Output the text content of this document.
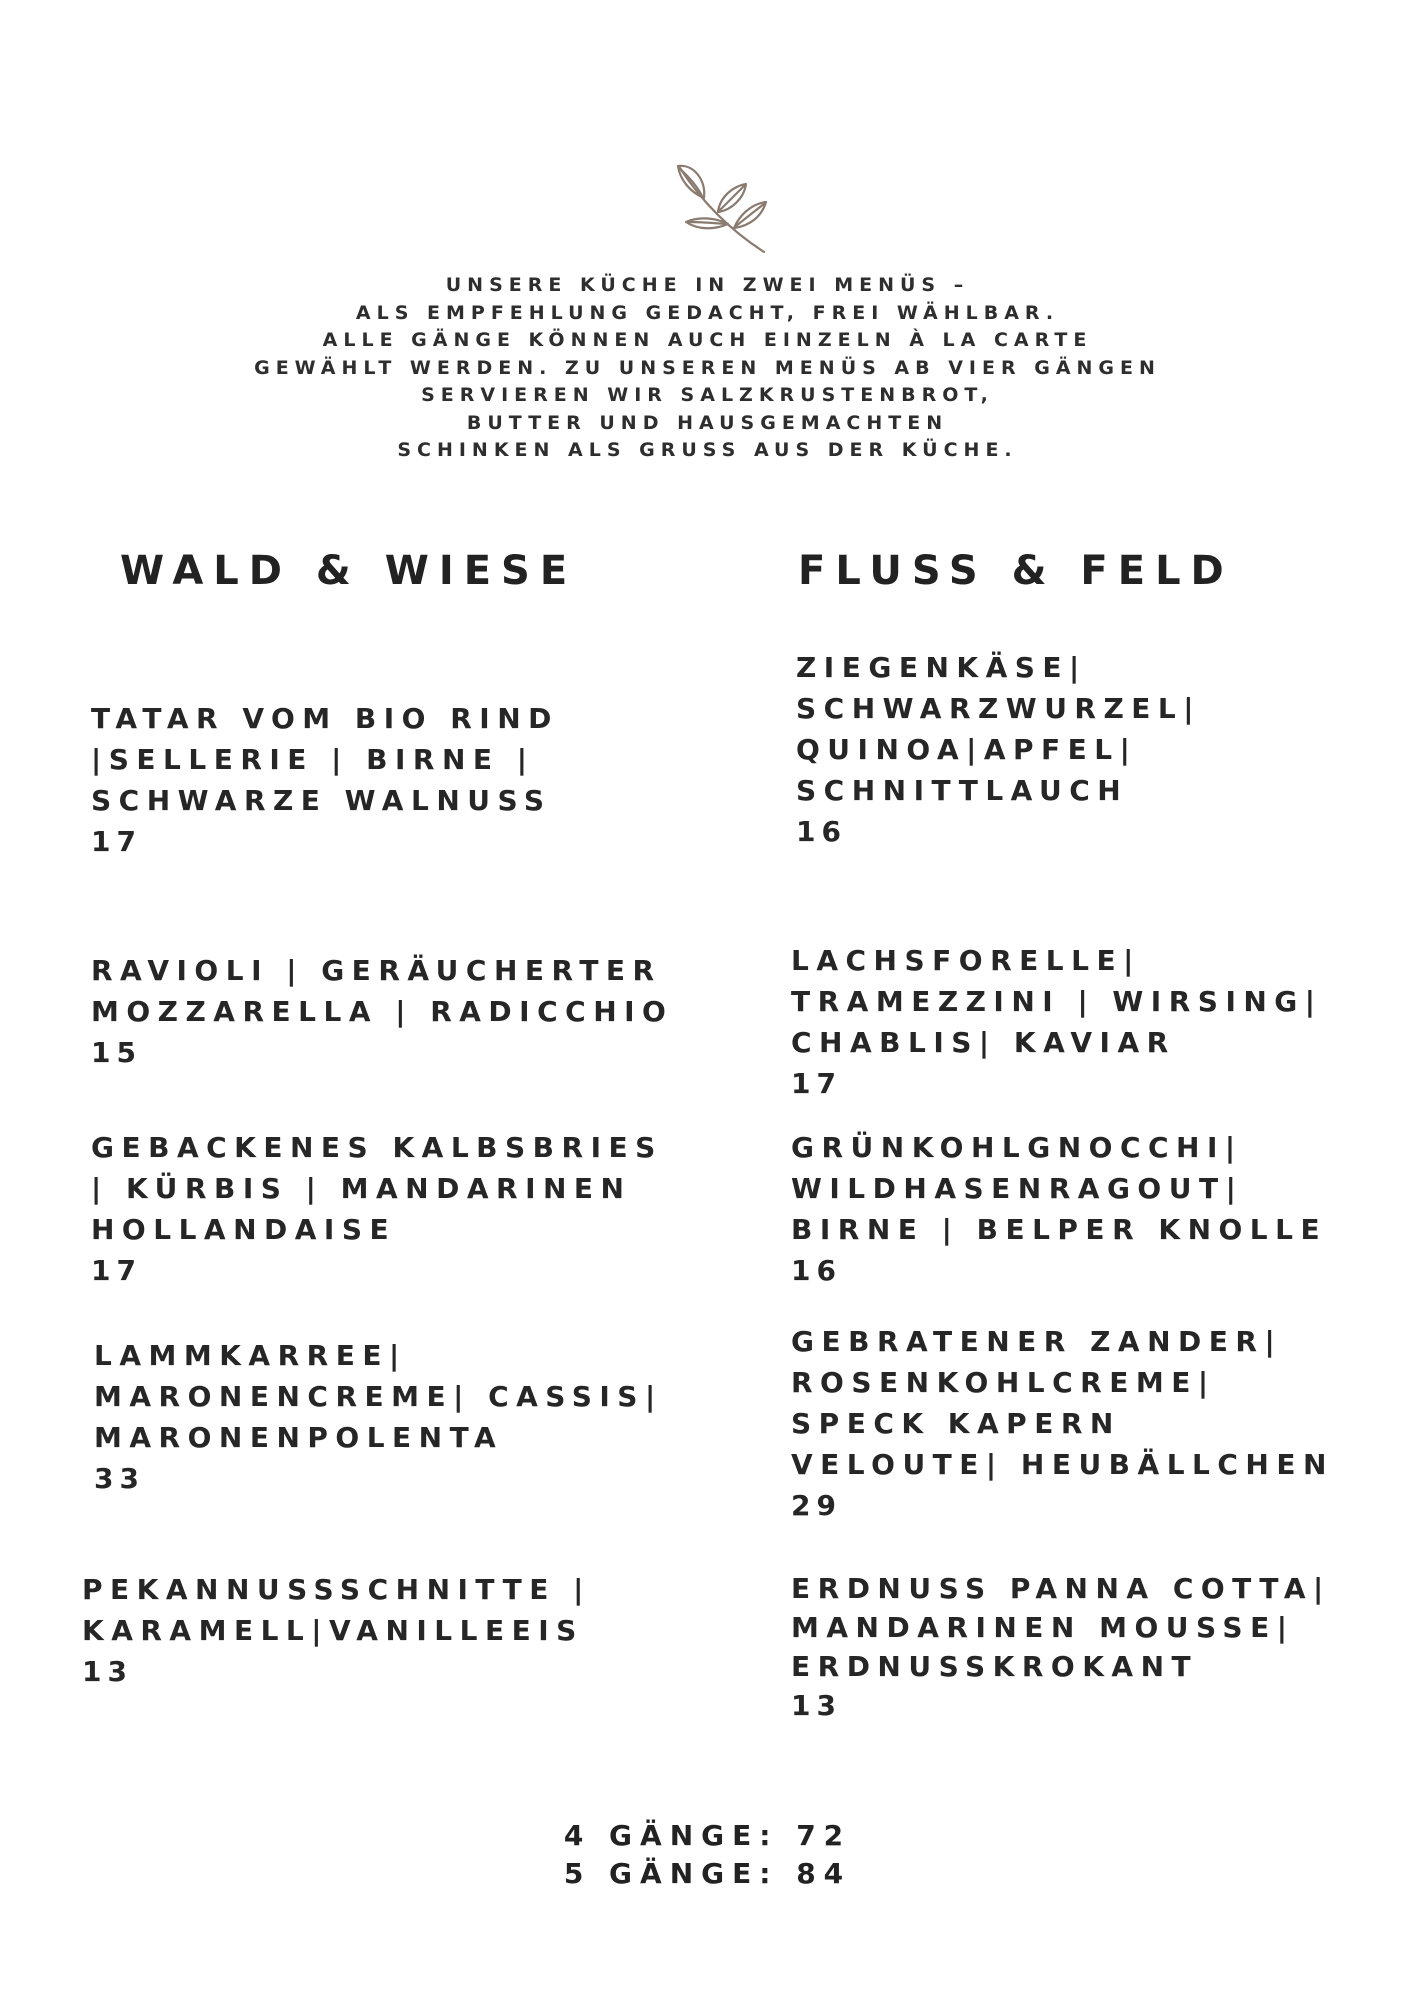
UNSERE KÜCHE IN ZWEI MENÜS –
ALS EMPFEHLUNG GEDACHT, FREI WÄHLBAR.
ALLE GÄNGE KÖNNEN AUCH EINZELN À LA CARTE
GEWÄHLT WERDEN. ZU UNSEREN MENÜS AB VIER GÄNGEN
SERVIEREN WIR SALZKRUSTENBROT,
BUTTER UND HAUSGEMACHTEN
SCHINKEN ALS GRUSS AUS DER KÜCHE.
WALD & WIESE	FLUSS & FELD
TATAR VOM BIO RIND
|SELLERIE | BIRNE |
SCHWARZE WALNUSS
17
RAVIOLI | GERÄUCHERTER
MOZZARELLA | RADICCHIO
15
GEBACKENES KALBSBRIES
| KÜRBIS | MANDARINEN
HOLLANDAISE
17
LAMMKARREE|
MARONENCREME| CASSIS|
MARONENPOLENTA
33
PEKANNUSSSCHNITTE |
KARAMELL|VANILLEEIS
13
ZIEGENKÄSE|
SCHWARZWURZEL|
QUINOA|APFEL|
SCHNITTLAUCH
16
LACHSFORELLE|
TRAMEZZINI | WIRSING|
CHABLIS| KAVIAR
17
GRÜNKOHLGNOCCHI|
WILDHASENRAGOUT|
BIRNE | BELPER KNOLLE
16
GEBRATENER ZANDER|
ROSENKOHLCREME|
SPECK KAPERN
VELOUTE| HEUBÄLLCHEN
29
ERDNUSS PANNA COTTA|
MANDARINEN MOUSSE|
ERDNUSSKROKANT
13
4 GÄNGE: 72
5 GÄNGE: 84
